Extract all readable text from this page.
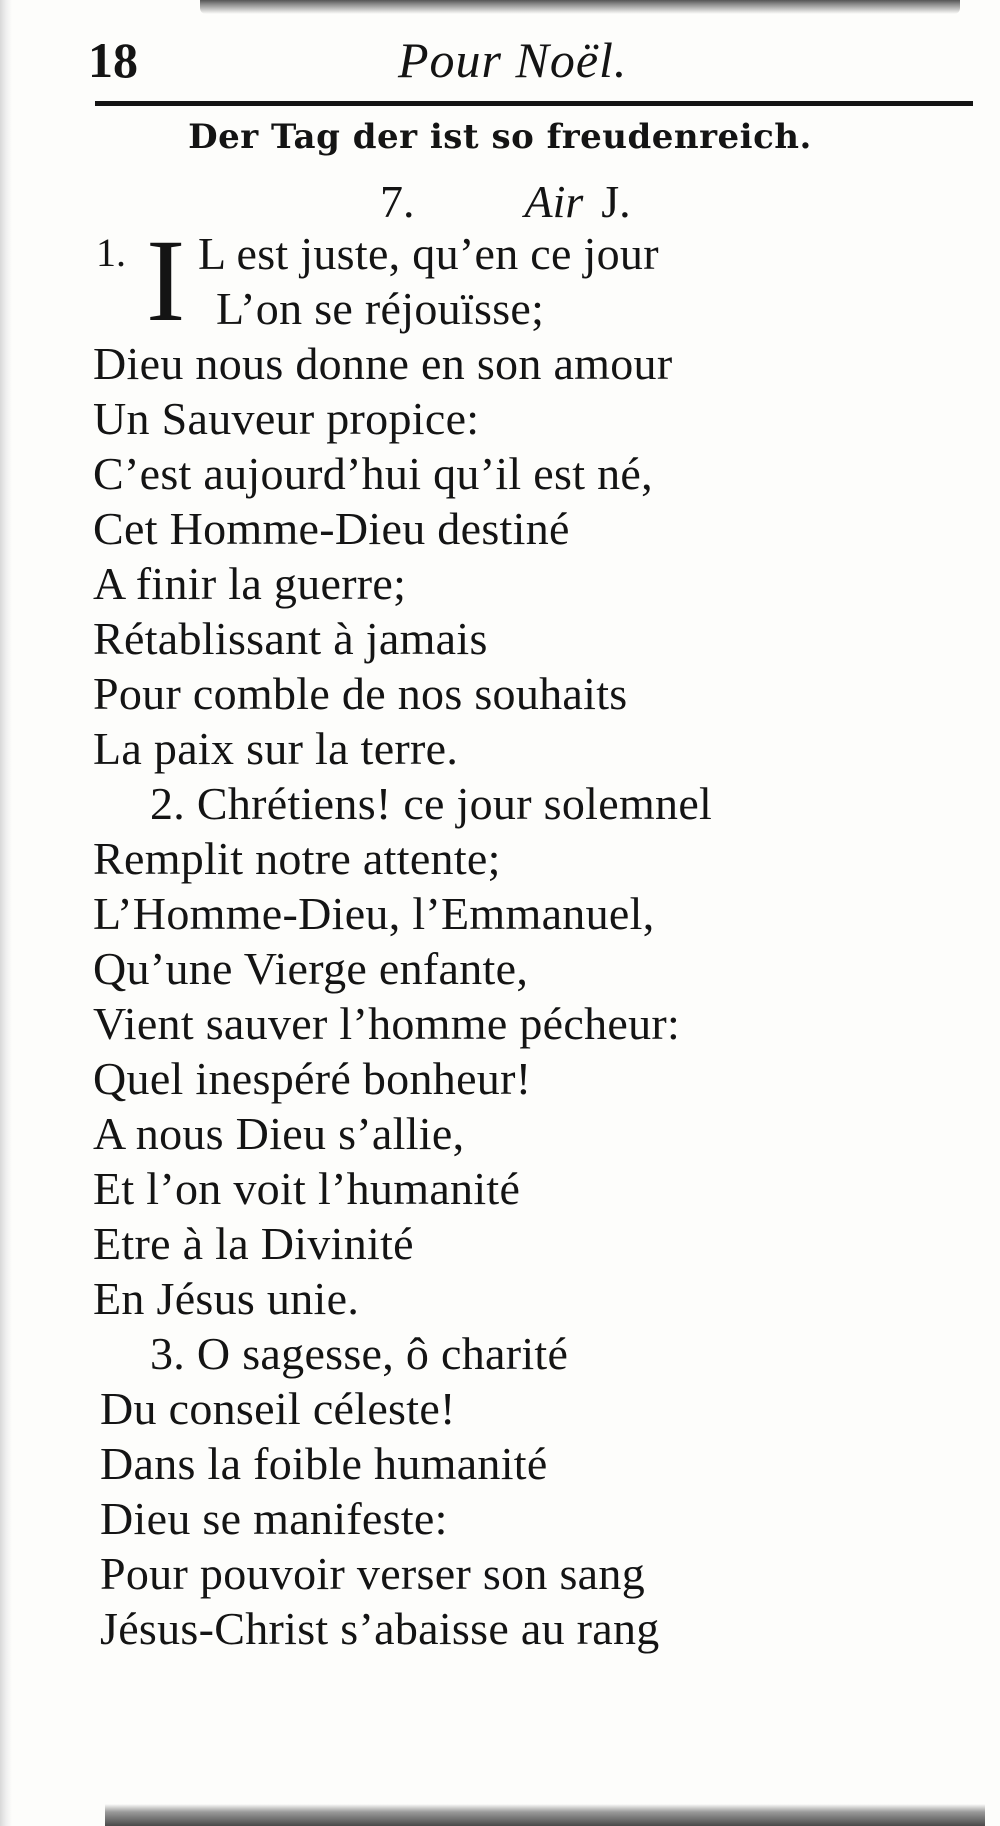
18	Pour Noël.
Der Tag der ist so freudenreich.
7. Air J.
1. I L est juste, qu’en ce jour
L’on se réjouïsse;
Dieu nous donne en son amour
Un Sauveur propice:
C’est aujourd’hui qu’il est né,
Cet Homme-Dieu destiné
A finir la guerre;
Rétablissant à jamais
Pour comble de nos souhaits
La paix sur la terre.
2. Chrétiens! ce jour solemnel
Remplit notre attente;
L’Homme-Dieu, l’Emmanuel,
Qu’une Vierge enfante,
Vient sauver l’homme pécheur:
Quel inespéré bonheur!
A nous Dieu s’allie,
Et l’on voit l’humanité
Etre à la Divinité
En Jésus unie.
3. O sagesse, ô charité
Du conseil céleste!
Dans la foible humanité
Dieu se manifeste:
Pour pouvoir verser son sang
Jésus-Christ s’abaisse au rang
